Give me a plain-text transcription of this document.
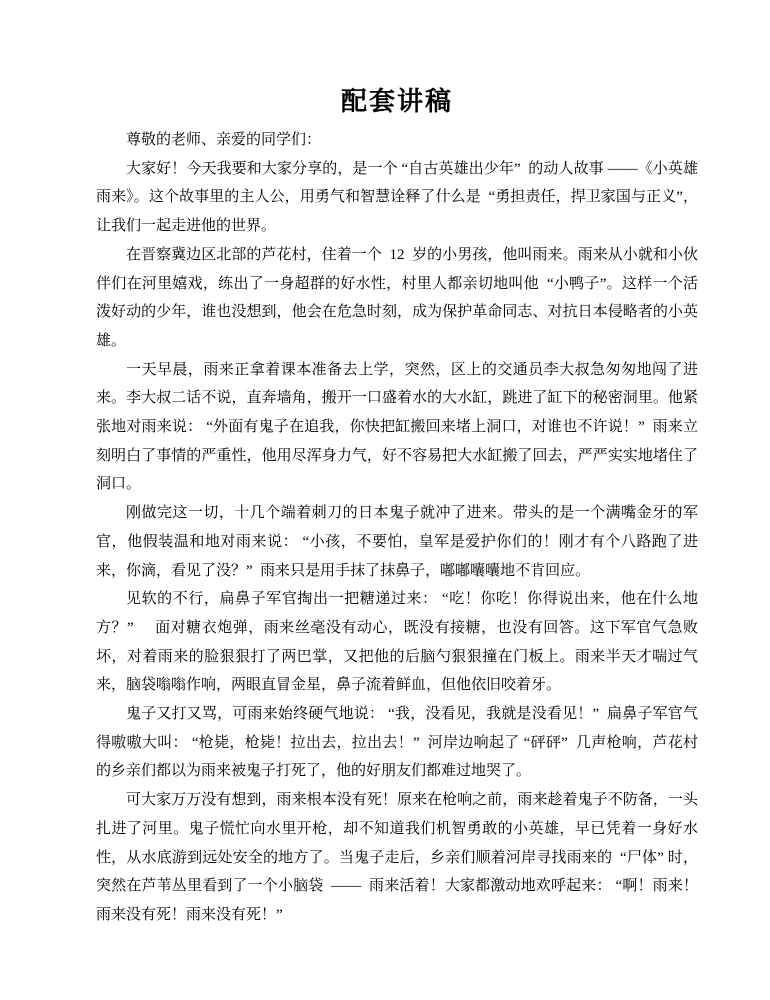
配套讲稿

尊敬的老师、亲爱的同学们：

大家好！今天我要和大家分享的，是一个 “自古英雄出少年”  的动人故事 ——《小英雄雨来》。这个故事里的主人公，用勇气和智慧诠释了什么是  “勇担责任，捍卫家国与正义”，让我们一起走进他的世界。

在晋察冀边区北部的芦花村，住着一个  12  岁的小男孩，他叫雨来。雨来从小就和小伙伴们在河里嬉戏，练出了一身超群的好水性，村里人都亲切地叫他  “小鸭子”。这样一个活泼好动的少年，谁也没想到，他会在危急时刻，成为保护革命同志、对抗日本侵略者的小英雄。

一天早晨，雨来正拿着课本准备去上学，突然，区上的交通员李大叔急匆匆地闯了进来。李大叔二话不说，直奔墙角，搬开一口盛着水的大水缸，跳进了缸下的秘密洞里。他紧张地对雨来说： “外面有鬼子在追我，你快把缸搬回来堵上洞口，对谁也不许说！”  雨来立刻明白了事情的严重性，他用尽浑身力气，好不容易把大水缸搬了回去，严严实实地堵住了洞口。

刚做完这一切，十几个端着刺刀的日本鬼子就冲了进来。带头的是一个满嘴金牙的军官，他假装温和地对雨来说： “小孩，不要怕，皇军是爱护你们的！刚才有个八路跑了进来，你滴，看见了没？”  雨来只是用手抹了抹鼻子，嘟嘟囔囔地不肯回应。

见软的不行，扁鼻子军官掏出一把糖递过来： “吃！你吃！你得说出来，他在什么地方？”     面对糖衣炮弹，雨来丝毫没有动心，既没有接糖，也没有回答。这下军官气急败坏，对着雨来的脸狠狠打了两巴掌，又把他的后脑勺狠狠撞在门板上。雨来半天才喘过气来，脑袋嗡嗡作响，两眼直冒金星，鼻子流着鲜血，但他依旧咬着牙。

鬼子又打又骂，可雨来始终硬气地说： “我，没看见，我就是没看见！”  扁鼻子军官气得嗷嗷大叫： “枪毙，枪毙！拉出去，拉出去！”  河岸边响起了 “砰砰”  几声枪响，芦花村的乡亲们都以为雨来被鬼子打死了，他的好朋友们都难过地哭了。

可大家万万没有想到，雨来根本没有死！原来在枪响之前，雨来趁着鬼子不防备，一头扎进了河里。鬼子慌忙向水里开枪，却不知道我们机智勇敢的小英雄，早已凭着一身好水性，从水底游到远处安全的地方了。当鬼子走后，乡亲们顺着河岸寻找雨来的  “尸体” 时，突然在芦苇丛里看到了一个小脑袋  ——  雨来活着！大家都激动地欢呼起来： “啊！雨来！雨来没有死！雨来没有死！”
